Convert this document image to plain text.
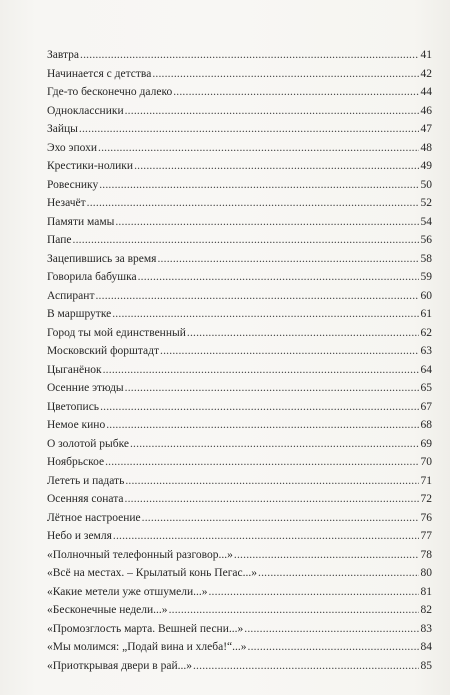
Завтра .....	41
Начинается с детства .....	42
Где-то бесконечно далеко .....	44
Одноклассники .....	46
Зайцы .....	47
Эхо эпохи .....	48
Крестики-нолики .....	49
Ровеснику .....	50
Незачёт .....	52
Памяти мамы .....	54
Папе .....	56
Зацепившись за время .....	58
Говорила бабушка .....	59
Аспирант .....	60
В маршрутке .....	61
Город ты мой единственный .....	62
Московский форштадт .....	63
Цыганёнок .....	64
Осенние этюды .....	65
Цветопись .....	67
Немое кино .....	68
О золотой рыбке .....	69
Ноябрьское .....	70
Лететь и падать .....	71
Осенняя соната .....	72
Лётное настроение .....	76
Небо и земля .....	77
«Полночный телефонный разговор...» .....	78
«Всё на местах. – Крылатый конь Пегас...» .....	80
«Какие метели уже отшумели...» .....	81
«Бесконечные недели...» .....	82
«Промозглость марта. Вешней песни...» .....	83
«Мы молимся: „Подай вина и хлеба!“...» .....	84
«Приоткрывая двери в рай...» .....	85
